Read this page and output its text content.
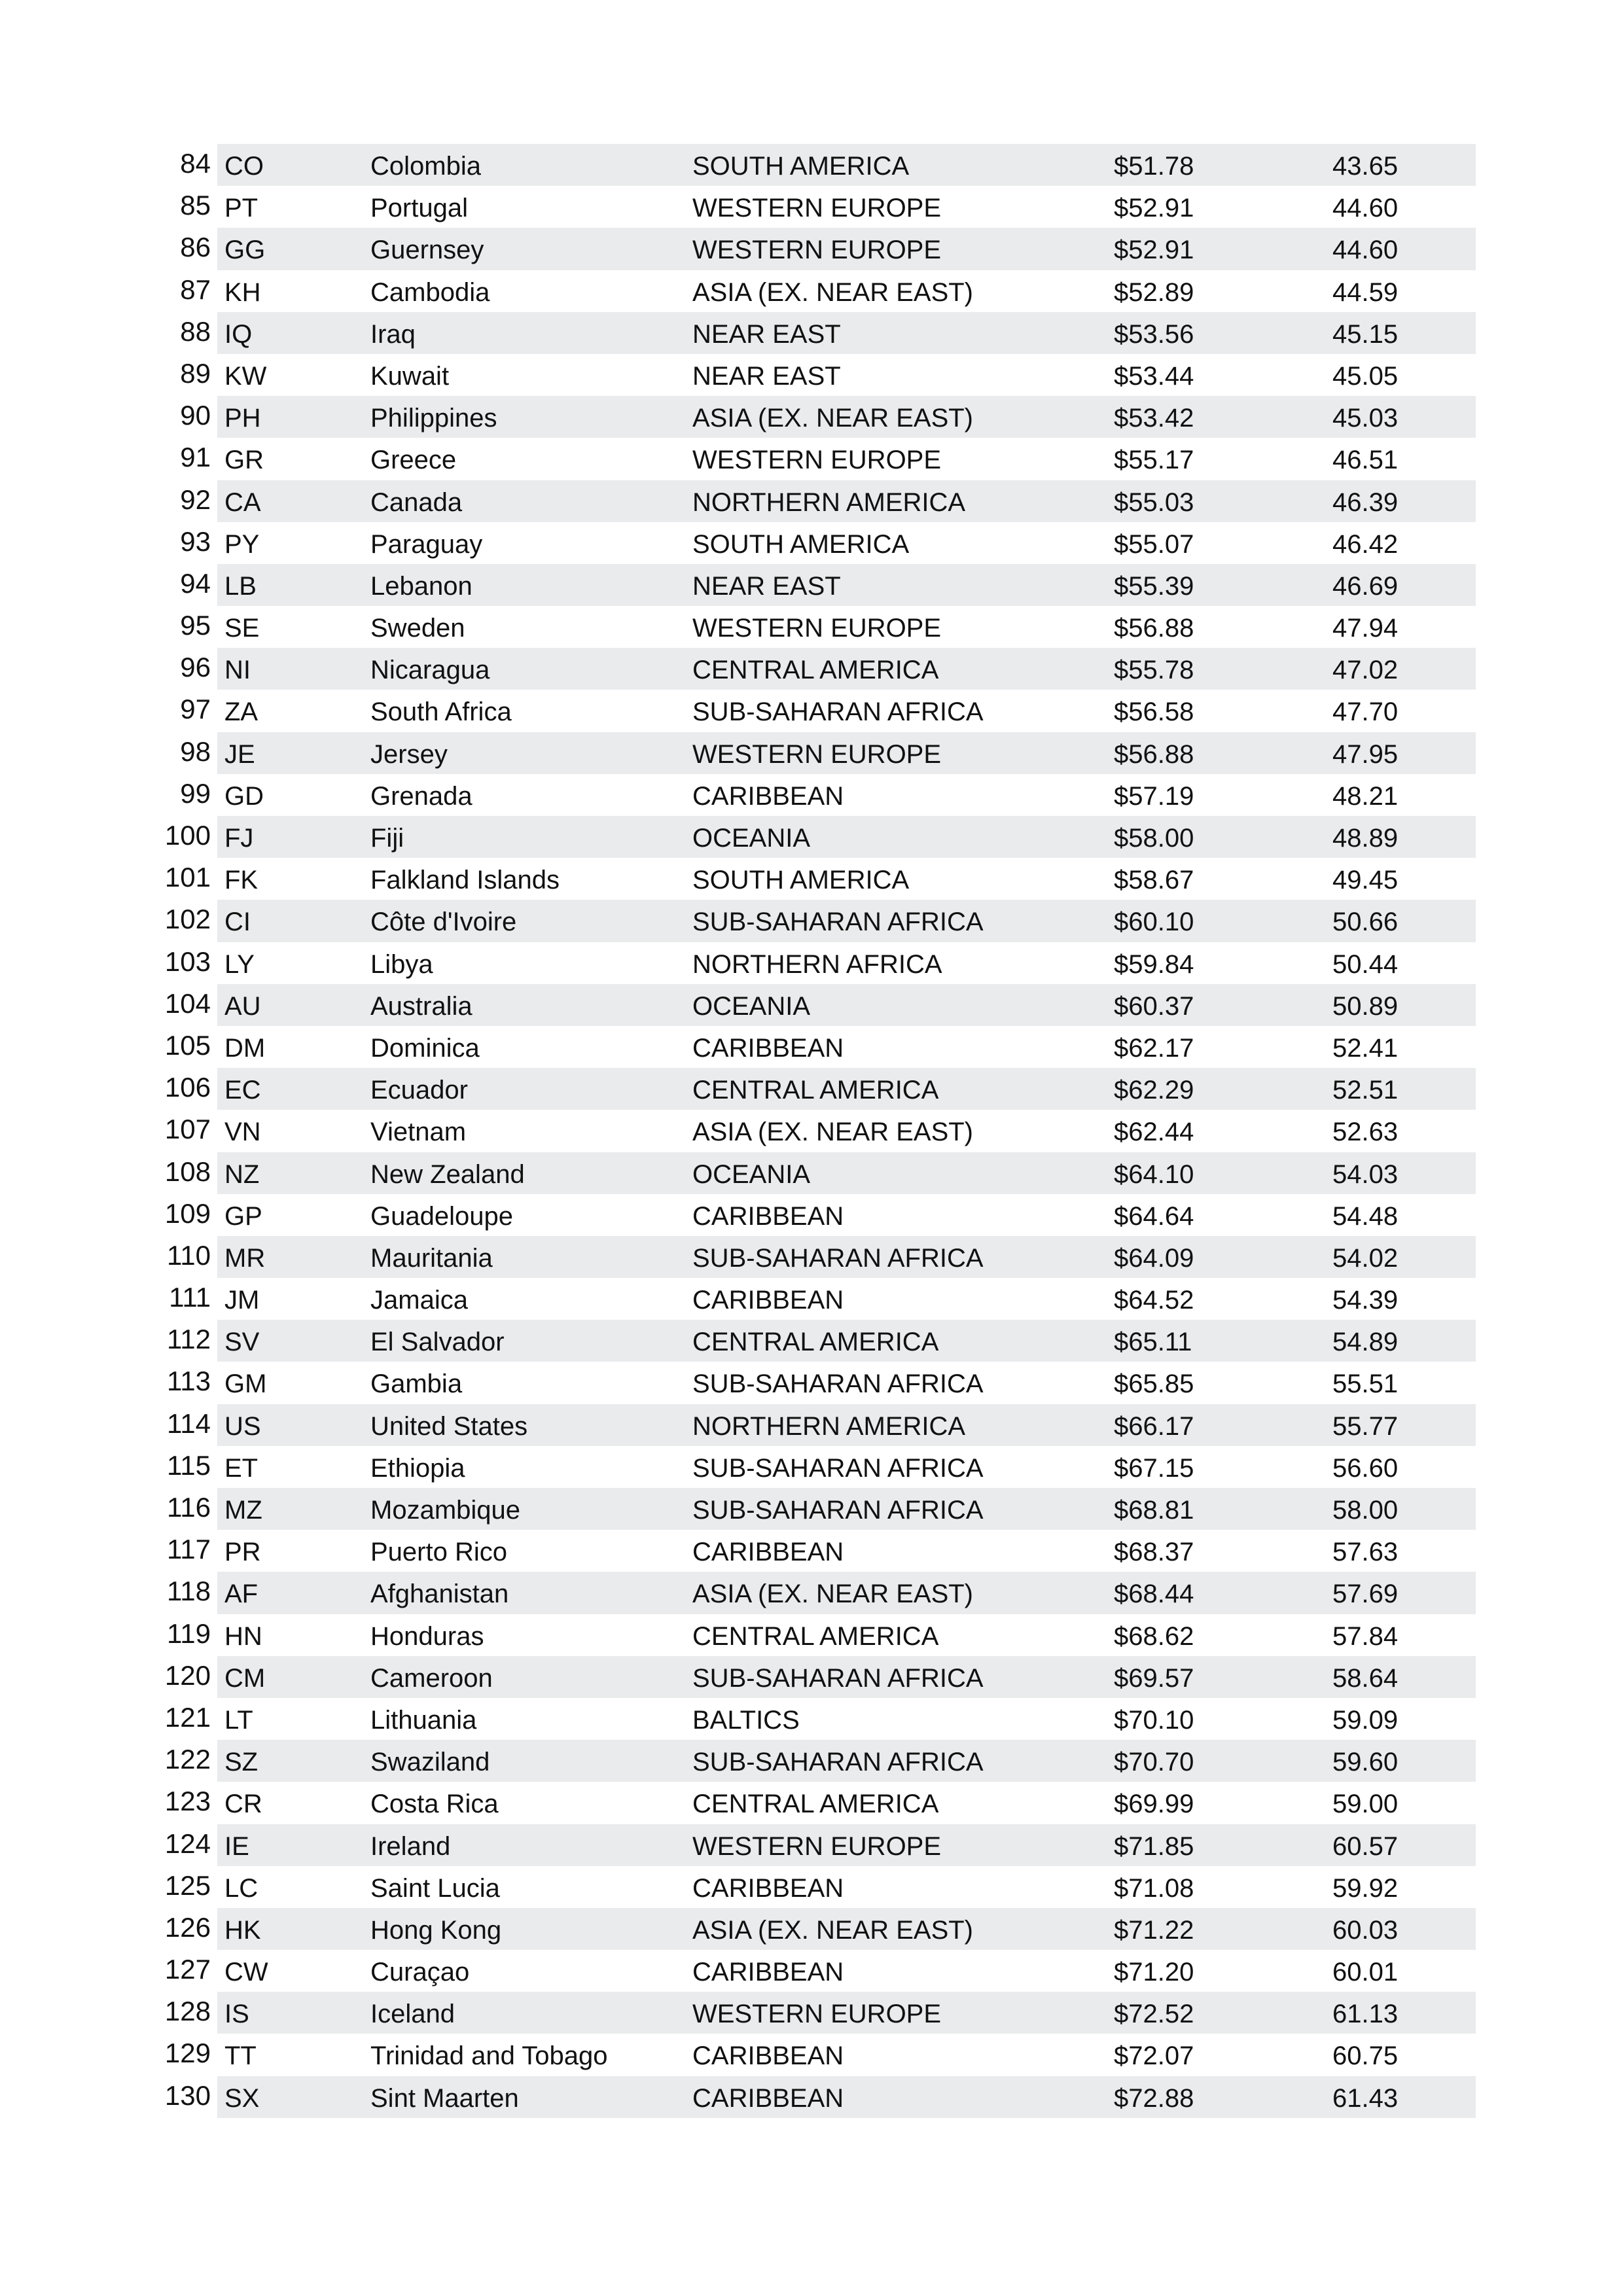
84 CO	Colombia	SOUTH AMERICA	$51.78	43.65
85 PT	Portugal	WESTERN EUROPE	$52.91	44.60
86 GG	Guernsey	WESTERN EUROPE	$52.91	44.60
87 KH	Cambodia	ASIA (EX. NEAR EAST)	$52.89	44.59
88 IQ	Iraq	NEAR EAST	$53.56	45.15
89 KW	Kuwait	NEAR EAST	$53.44	45.05
90 PH	Philippines	ASIA (EX. NEAR EAST)	$53.42	45.03
91 GR	Greece	WESTERN EUROPE	$55.17	46.51
92 CA	Canada	NORTHERN AMERICA	$55.03	46.39
93 PY	Paraguay	SOUTH AMERICA	$55.07	46.42
94 LB	Lebanon	NEAR EAST	$55.39	46.69
95 SE	Sweden	WESTERN EUROPE	$56.88	47.94
96 NI	Nicaragua	CENTRAL AMERICA	$55.78	47.02
97 ZA	South Africa	SUB-SAHARAN AFRICA	$56.58	47.70
98 JE	Jersey	WESTERN EUROPE	$56.88	47.95
99 GD	Grenada	CARIBBEAN	$57.19	48.21
100 FJ	Fiji	OCEANIA	$58.00	48.89
101 FK	Falkland Islands	SOUTH AMERICA	$58.67	49.45
102 CI	Côte d'Ivoire	SUB-SAHARAN AFRICA	$60.10	50.66
103 LY	Libya	NORTHERN AFRICA	$59.84	50.44
104 AU	Australia	OCEANIA	$60.37	50.89
105 DM	Dominica	CARIBBEAN	$62.17	52.41
106 EC	Ecuador	CENTRAL AMERICA	$62.29	52.51
107 VN	Vietnam	ASIA (EX. NEAR EAST)	$62.44	52.63
108 NZ	New Zealand	OCEANIA	$64.10	54.03
109 GP	Guadeloupe	CARIBBEAN	$64.64	54.48
110 MR	Mauritania	SUB-SAHARAN AFRICA	$64.09	54.02
111 JM	Jamaica	CARIBBEAN	$64.52	54.39
112 SV	El Salvador	CENTRAL AMERICA	$65.11	54.89
113 GM	Gambia	SUB-SAHARAN AFRICA	$65.85	55.51
114 US	United States	NORTHERN AMERICA	$66.17	55.77
115 ET	Ethiopia	SUB-SAHARAN AFRICA	$67.15	56.60
116 MZ	Mozambique	SUB-SAHARAN AFRICA	$68.81	58.00
117 PR	Puerto Rico	CARIBBEAN	$68.37	57.63
118 AF	Afghanistan	ASIA (EX. NEAR EAST)	$68.44	57.69
119 HN	Honduras	CENTRAL AMERICA	$68.62	57.84
120 CM	Cameroon	SUB-SAHARAN AFRICA	$69.57	58.64
121 LT	Lithuania	BALTICS	$70.10	59.09
122 SZ	Swaziland	SUB-SAHARAN AFRICA	$70.70	59.60
123 CR	Costa Rica	CENTRAL AMERICA	$69.99	59.00
124 IE	Ireland	WESTERN EUROPE	$71.85	60.57
125 LC	Saint Lucia	CARIBBEAN	$71.08	59.92
126 HK	Hong Kong	ASIA (EX. NEAR EAST)	$71.22	60.03
127 CW	Curaçao	CARIBBEAN	$71.20	60.01
128 IS	Iceland	WESTERN EUROPE	$72.52	61.13
129 TT	Trinidad and Tobago	CARIBBEAN	$72.07	60.75
130 SX	Sint Maarten	CARIBBEAN	$72.88	61.43
